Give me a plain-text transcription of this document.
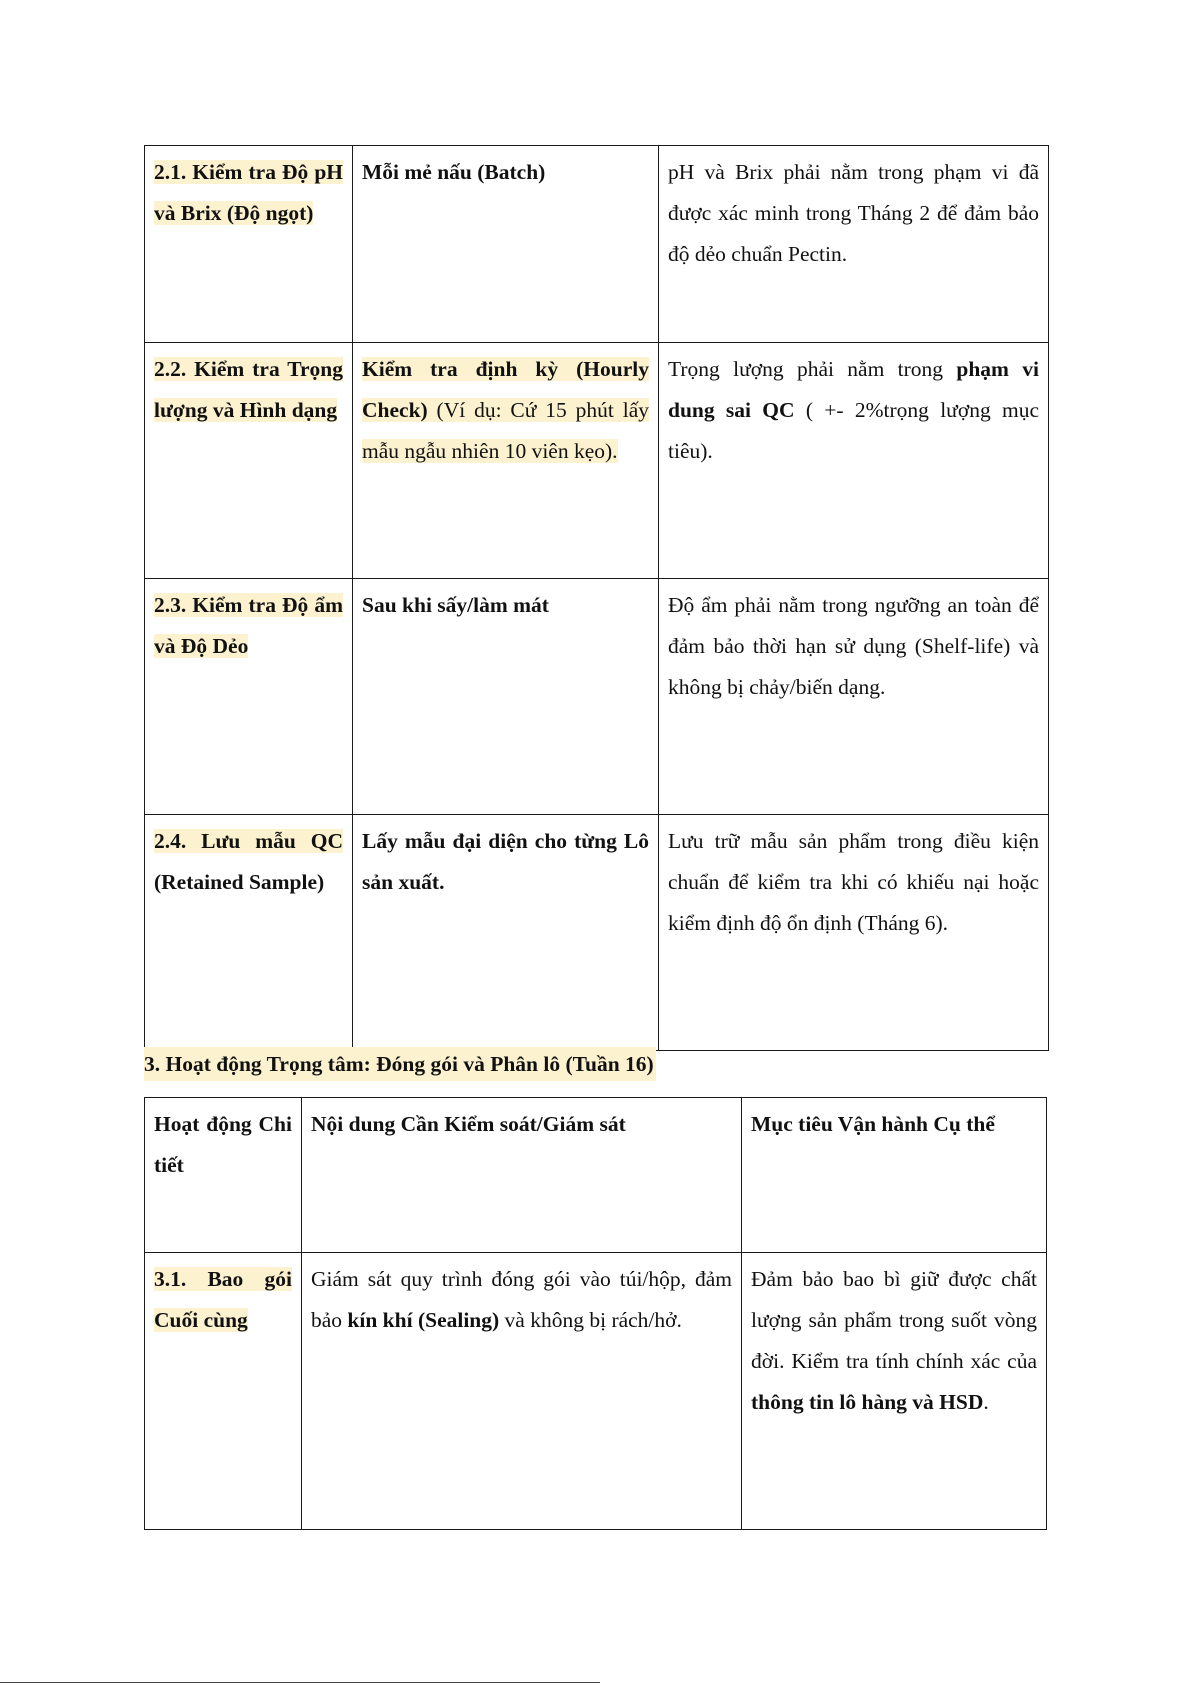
2.1. Kiểm tra Độ pH và Brix (Độ ngọt)	Mỗi mẻ nấu (Batch)	pH và Brix phải nằm trong phạm vi đã được xác minh trong Tháng 2 để đảm bảo độ dẻo chuẩn Pectin.
2.2. Kiểm tra Trọng lượng và Hình dạng	Kiểm tra định kỳ (Hourly Check) (Ví dụ: Cứ 15 phút lấy mẫu ngẫu nhiên 10 viên kẹo).	Trọng lượng phải nằm trong phạm vi dung sai QC ( +- 2%trọng lượng mục tiêu).
2.3. Kiểm tra Độ ẩm và Độ Dẻo	Sau khi sấy/làm mát	Độ ẩm phải nằm trong ngưỡng an toàn để đảm bảo thời hạn sử dụng (Shelf-life) và không bị chảy/biến dạng.
2.4. Lưu mẫu QC (Retained Sample)	Lấy mẫu đại diện cho từng Lô sản xuất.	Lưu trữ mẫu sản phẩm trong điều kiện chuẩn để kiểm tra khi có khiếu nại hoặc kiểm định độ ổn định (Tháng 6).
3. Hoạt động Trọng tâm: Đóng gói và Phân lô (Tuần 16)
Hoạt động Chi tiết	Nội dung Cần Kiểm soát/Giám sát	Mục tiêu Vận hành Cụ thể
3.1. Bao gói Cuối cùng	Giám sát quy trình đóng gói vào túi/hộp, đảm bảo kín khí (Sealing) và không bị rách/hở.	Đảm bảo bao bì giữ được chất lượng sản phẩm trong suốt vòng đời. Kiểm tra tính chính xác của thông tin lô hàng và HSD.
